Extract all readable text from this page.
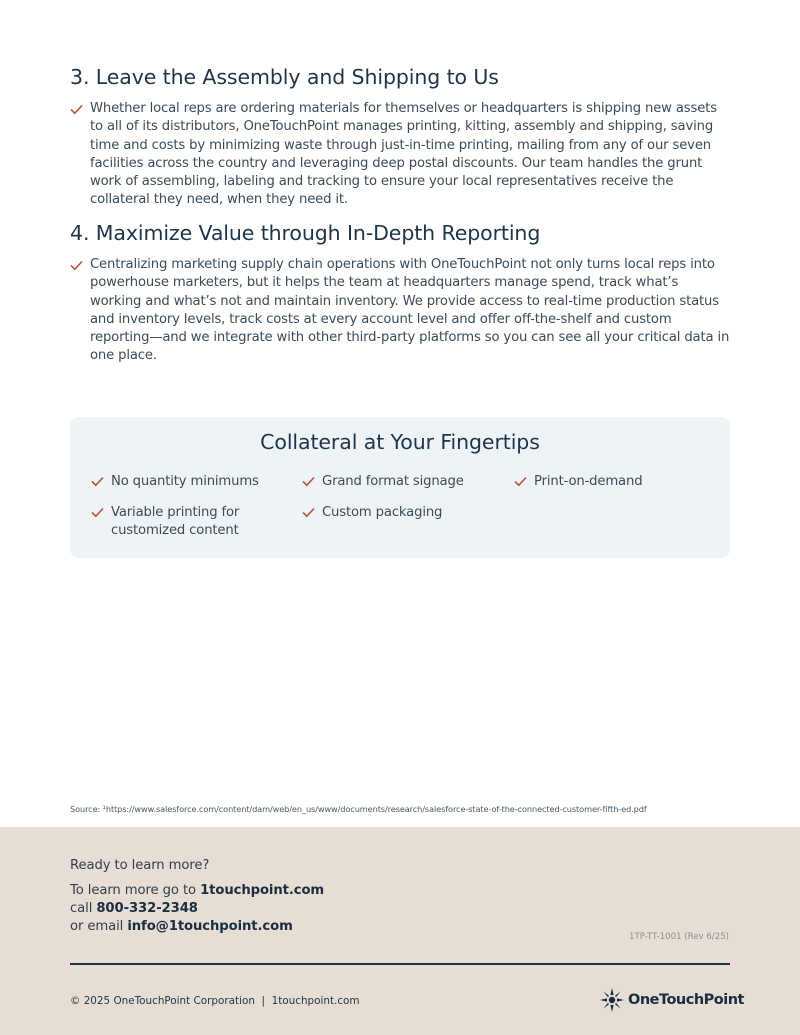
3. Leave the Assembly and Shipping to Us
Whether local reps are ordering materials for themselves or headquarters is shipping new assets to all of its distributors, OneTouchPoint manages printing, kitting, assembly and shipping, saving time and costs by minimizing waste through just-in-time printing, mailing from any of our seven facilities across the country and leveraging deep postal discounts. Our team handles the grunt work of assembling, labeling and tracking to ensure your local representatives receive the collateral they need, when they need it.
4. Maximize Value through In-Depth Reporting
Centralizing marketing supply chain operations with OneTouchPoint not only turns local reps into powerhouse marketers, but it helps the team at headquarters manage spend, track what’s working and what’s not and maintain inventory. We provide access to real-time production status and inventory levels, track costs at every account level and offer off-the-shelf and custom reporting—and we integrate with other third-party platforms so you can see all your critical data in one place.
Collateral at Your Fingertips
No quantity minimums	Grand format signage	Print-on-demand
Variable printing for customized content
Custom packaging
Source: ¹https://www.salesforce.com/content/dam/web/en_us/www/documents/research/salesforce-state-of-the-connected-customer-fifth-ed.pdf
Ready to learn more?
To learn more go to 1touchpoint.com
call 800-332-2348
or email info@1touchpoint.com
1TP-TT-1001 (Rev 6/25)
© 2025 OneTouchPoint Corporation  |  1touchpoint.com	OneTouchPoint
